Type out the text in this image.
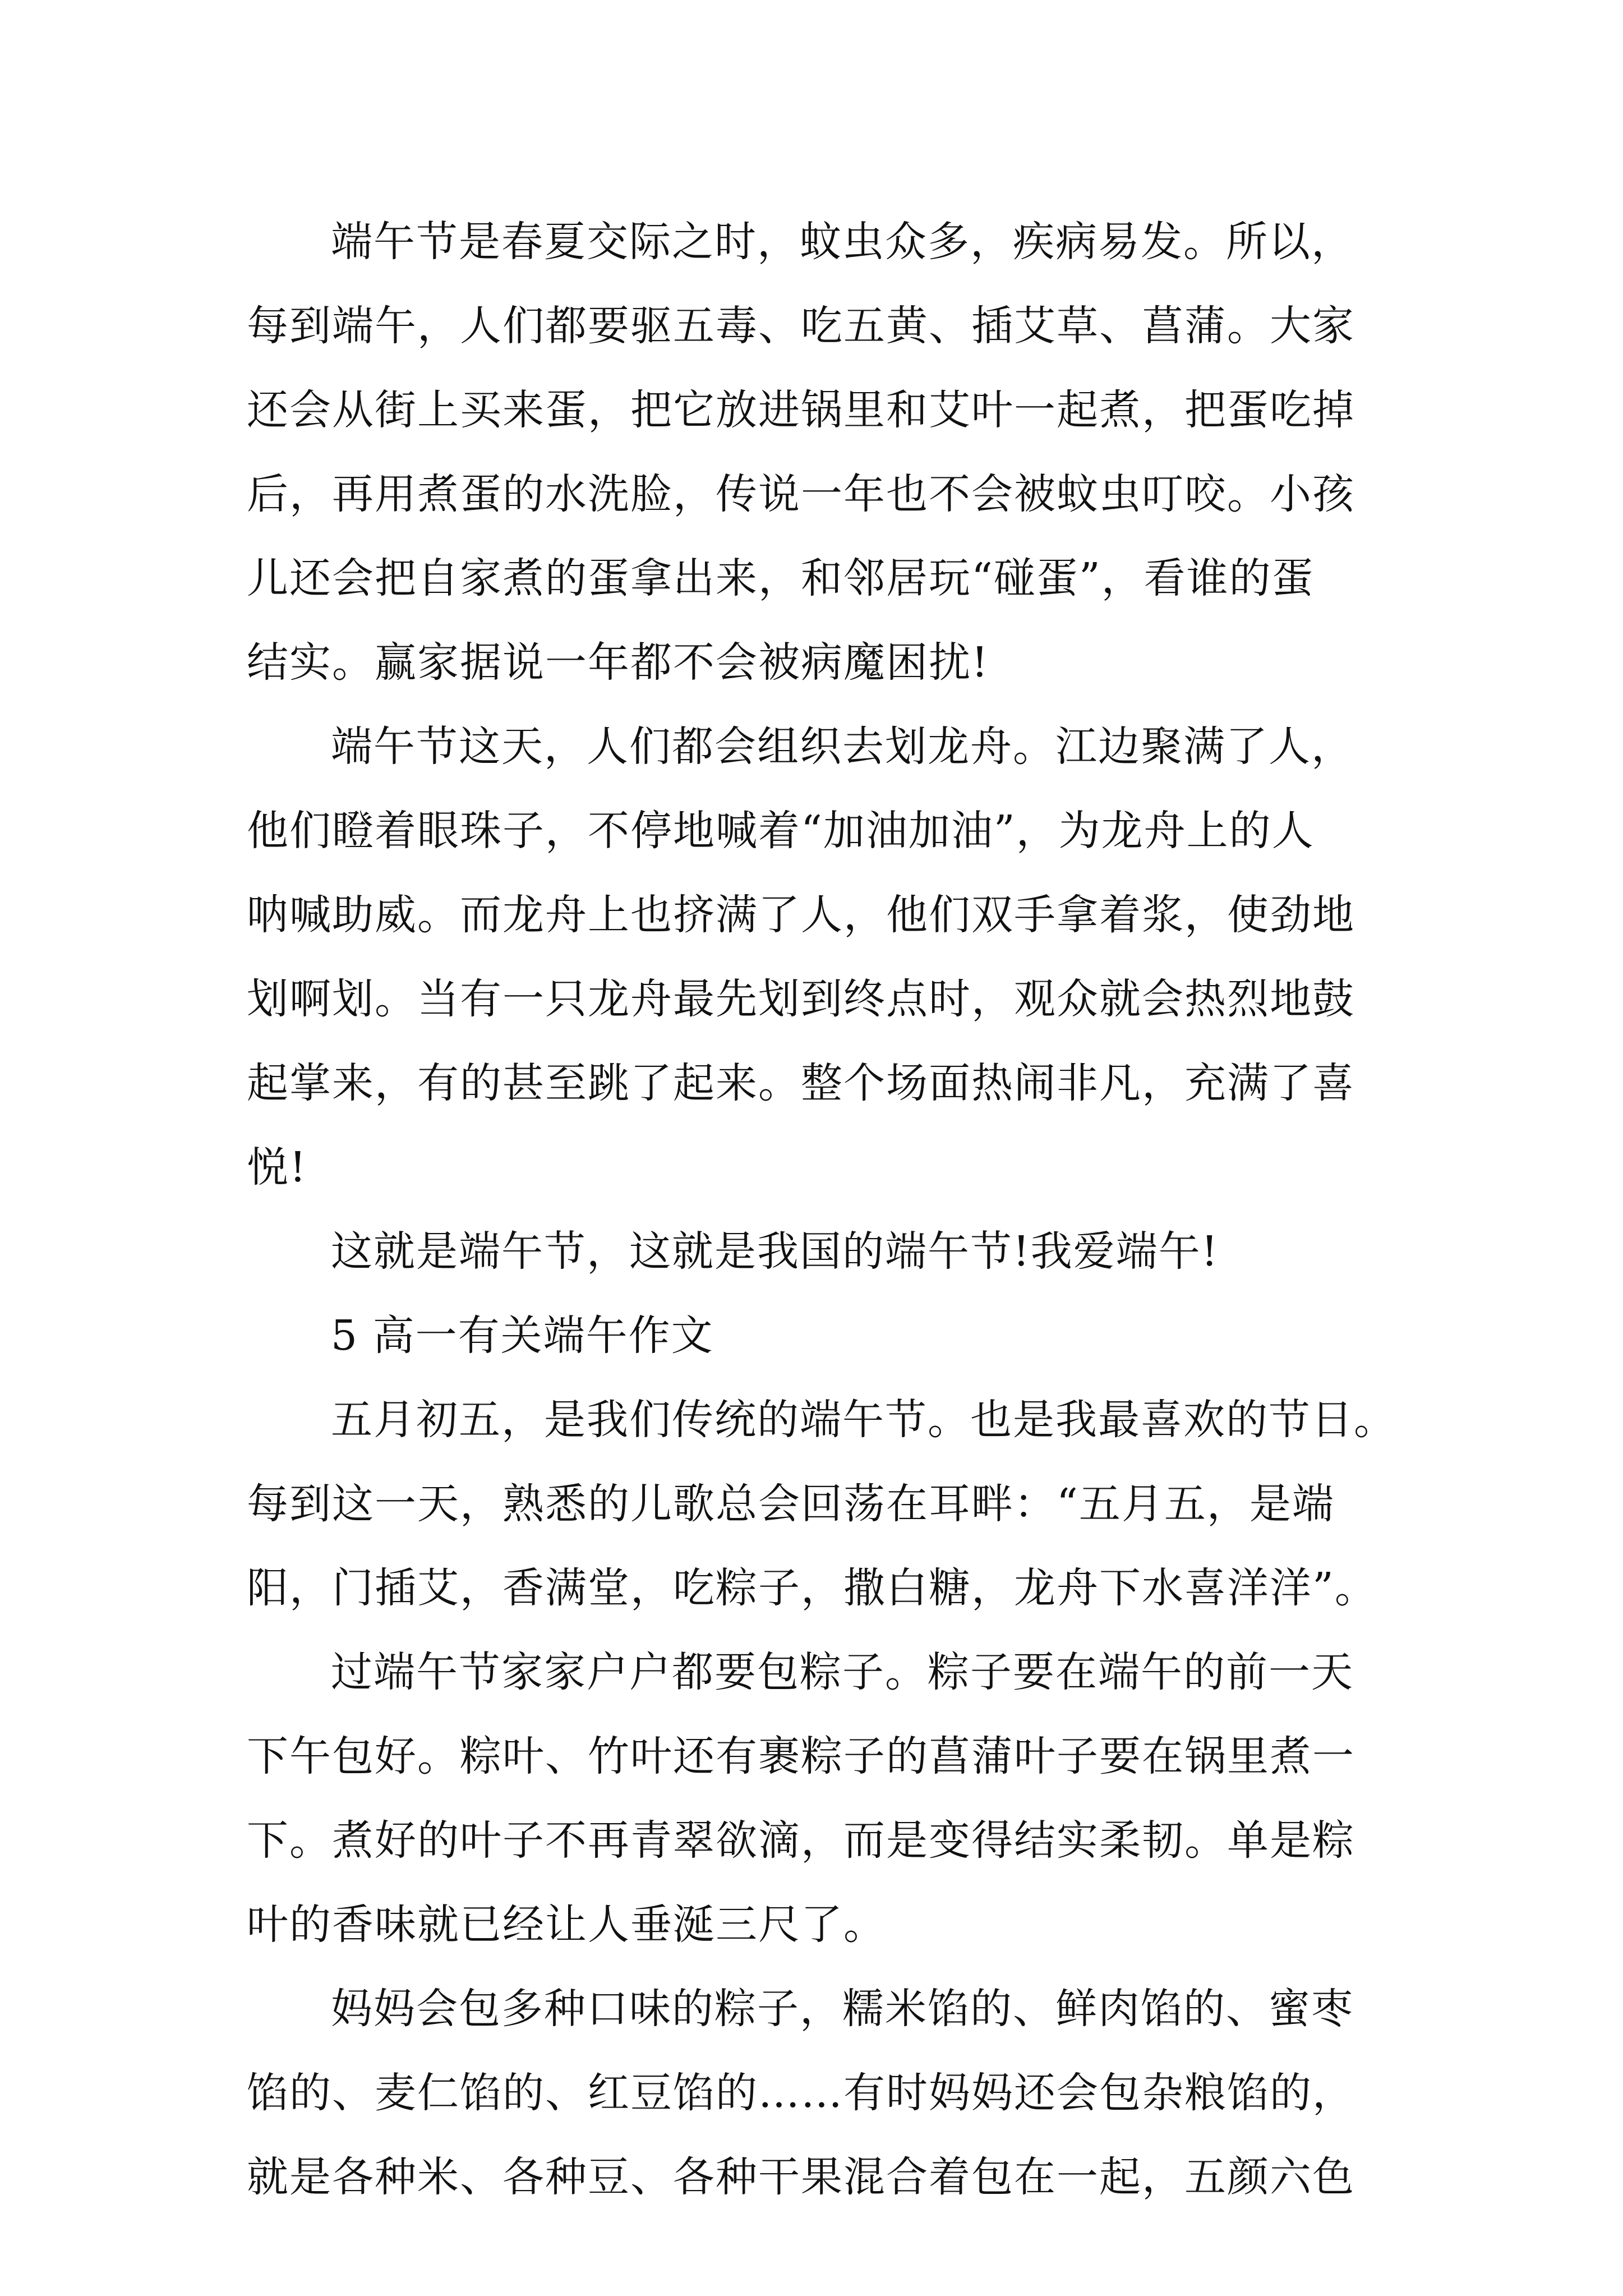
端午节是春夏交际之时，蚊虫众多，疾病易发。所以，
每到端午，人们都要驱五毒、吃五黄、插艾草、菖蒲。大家
还会从街上买来蛋，把它放进锅里和艾叶一起煮，把蛋吃掉
后，再用煮蛋的水洗脸，传说一年也不会被蚊虫叮咬。小孩
儿还会把自家煮的蛋拿出来，和邻居玩“碰蛋”，看谁的蛋
结实。赢家据说一年都不会被病魔困扰!
端午节这天，人们都会组织去划龙舟。江边聚满了人，
他们瞪着眼珠子，不停地喊着“加油加油”，为龙舟上的人
呐喊助威。而龙舟上也挤满了人，他们双手拿着浆，使劲地
划啊划。当有一只龙舟最先划到终点时，观众就会热烈地鼓
起掌来，有的甚至跳了起来。整个场面热闹非凡，充满了喜
悦!
这就是端午节，这就是我国的端午节!我爱端午!
5 高一有关端午作文
五月初五，是我们传统的端午节。也是我最喜欢的节日。
每到这一天，熟悉的儿歌总会回荡在耳畔：“五月五，是端
阳，门插艾，香满堂，吃粽子，撒白糖，龙舟下水喜洋洋”。
过端午节家家户户都要包粽子。粽子要在端午的前一天
下午包好。粽叶、竹叶还有裹粽子的菖蒲叶子要在锅里煮一
下。煮好的叶子不再青翠欲滴，而是变得结实柔韧。单是粽
叶的香味就已经让人垂涎三尺了。
妈妈会包多种口味的粽子，糯米馅的、鲜肉馅的、蜜枣
馅的、麦仁馅的、红豆馅的……有时妈妈还会包杂粮馅的，
就是各种米、各种豆、各种干果混合着包在一起，五颜六色
